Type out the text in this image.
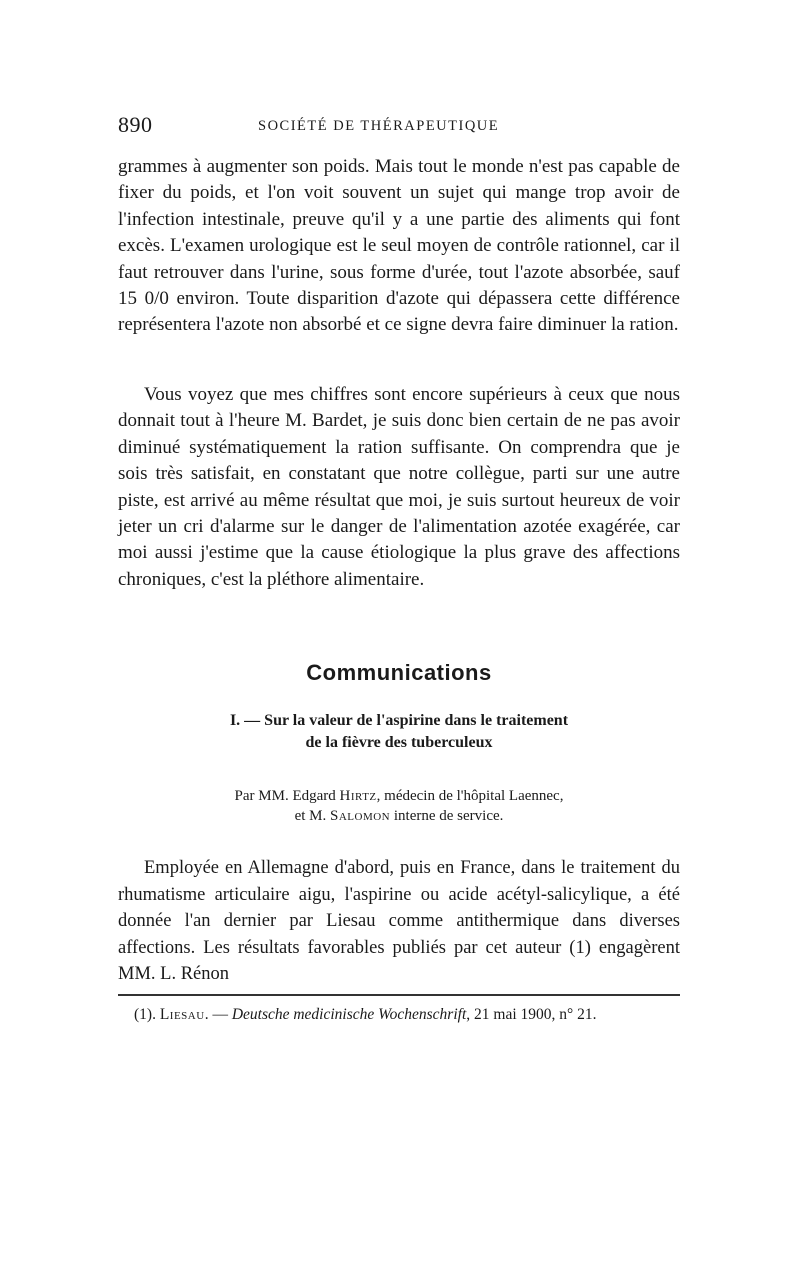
890	SOCIÉTÉ DE THÉRAPEUTIQUE

grammes à augmenter son poids. Mais tout le monde n'est pas capable de fixer du poids, et l'on voit souvent un sujet qui mange trop avoir de l'infection intestinale, preuve qu'il y a une partie des aliments qui font excès. L'examen urologique est le seul moyen de contrôle rationnel, car il faut retrouver dans l'urine, sous forme d'urée, tout l'azote absorbée, sauf 15 0/0 environ. Toute disparition d'azote qui dépassera cette différence représentera l'azote non absorbé et ce signe devra faire diminuer la ration.

Vous voyez que mes chiffres sont encore supérieurs à ceux que nous donnait tout à l'heure M. Bardet, je suis donc bien certain de ne pas avoir diminué systématiquement la ration suffisante. On comprendra que je sois très satisfait, en constatant que notre collègue, parti sur une autre piste, est arrivé au même résultat que moi, je suis surtout heureux de voir jeter un cri d'alarme sur le danger de l'alimentation azotée exagérée, car moi aussi j'estime que la cause étiologique la plus grave des affections chroniques, c'est la pléthore alimentaire.

Communications
I. — Sur la valeur de l'aspirine dans le traitement
de la fièvre des tuberculeux
Par MM. Edgard Hirtz, médecin de l'hôpital Laennec,
et M. Salomon interne de service.

Employée en Allemagne d'abord, puis en France, dans le traitement du rhumatisme articulaire aigu, l'aspirine ou acide acétyl-salicylique, a été donnée l'an dernier par Liesau comme antithermique dans diverses affections. Les résultats favorables publiés par cet auteur (1) engagèrent MM. L. Rénon

(1). Liesau. — Deutsche medicinische Wochenschrift, 21 mai 1900, n° 21.
